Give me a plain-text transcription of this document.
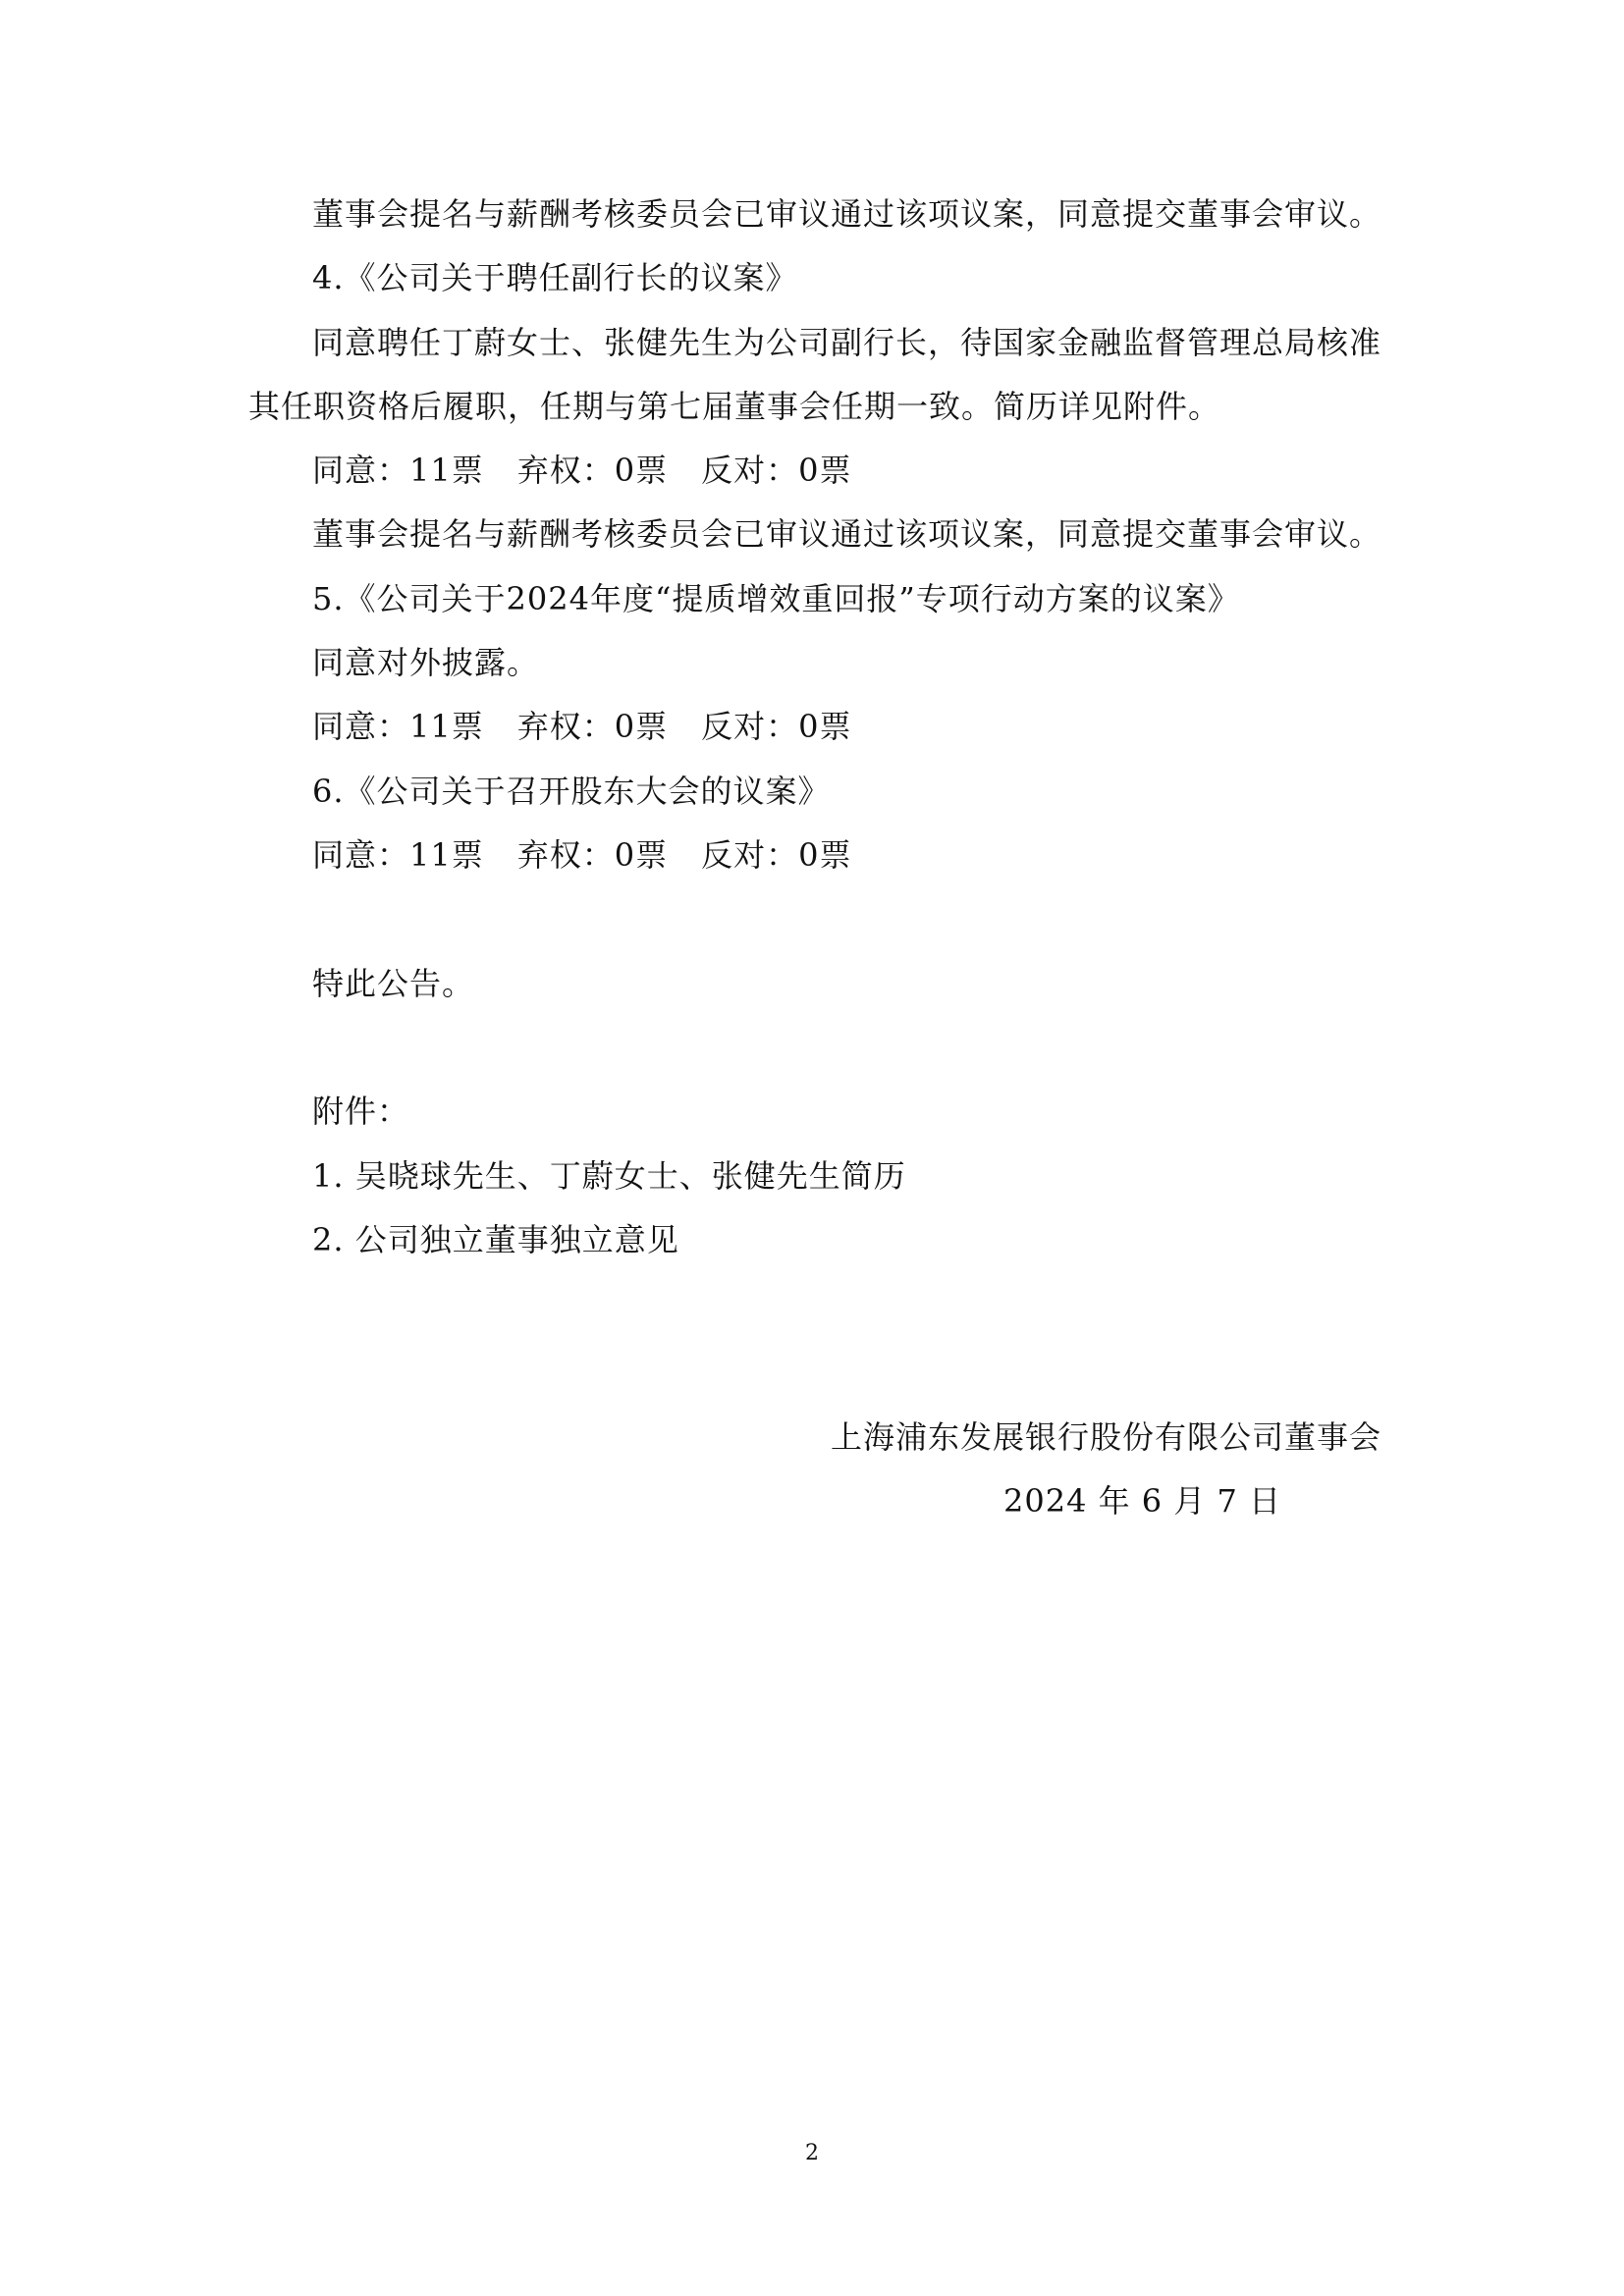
董事会提名与薪酬考核委员会已审议通过该项议案，同意提交董事会审议。
4.《公司关于聘任副行长的议案》
同意聘任丁蔚女士、张健先生为公司副行长，待国家金融监督管理总局核准
其任职资格后履职，任期与第七届董事会任期一致。简历详见附件。
同意：11票 弃权：0票 反对：0票
董事会提名与薪酬考核委员会已审议通过该项议案，同意提交董事会审议。
5.《公司关于2024年度“提质增效重回报”专项行动方案的议案》
同意对外披露。
同意：11票 弃权：0票 反对：0票
6.《公司关于召开股东大会的议案》
同意：11票 弃权：0票 反对：0票
特此公告。
附件：
1. 吴晓球先生、丁蔚女士、张健先生简历
2. 公司独立董事独立意见
上海浦东发展银行股份有限公司董事会
2024 年 6 月 7 日
2
